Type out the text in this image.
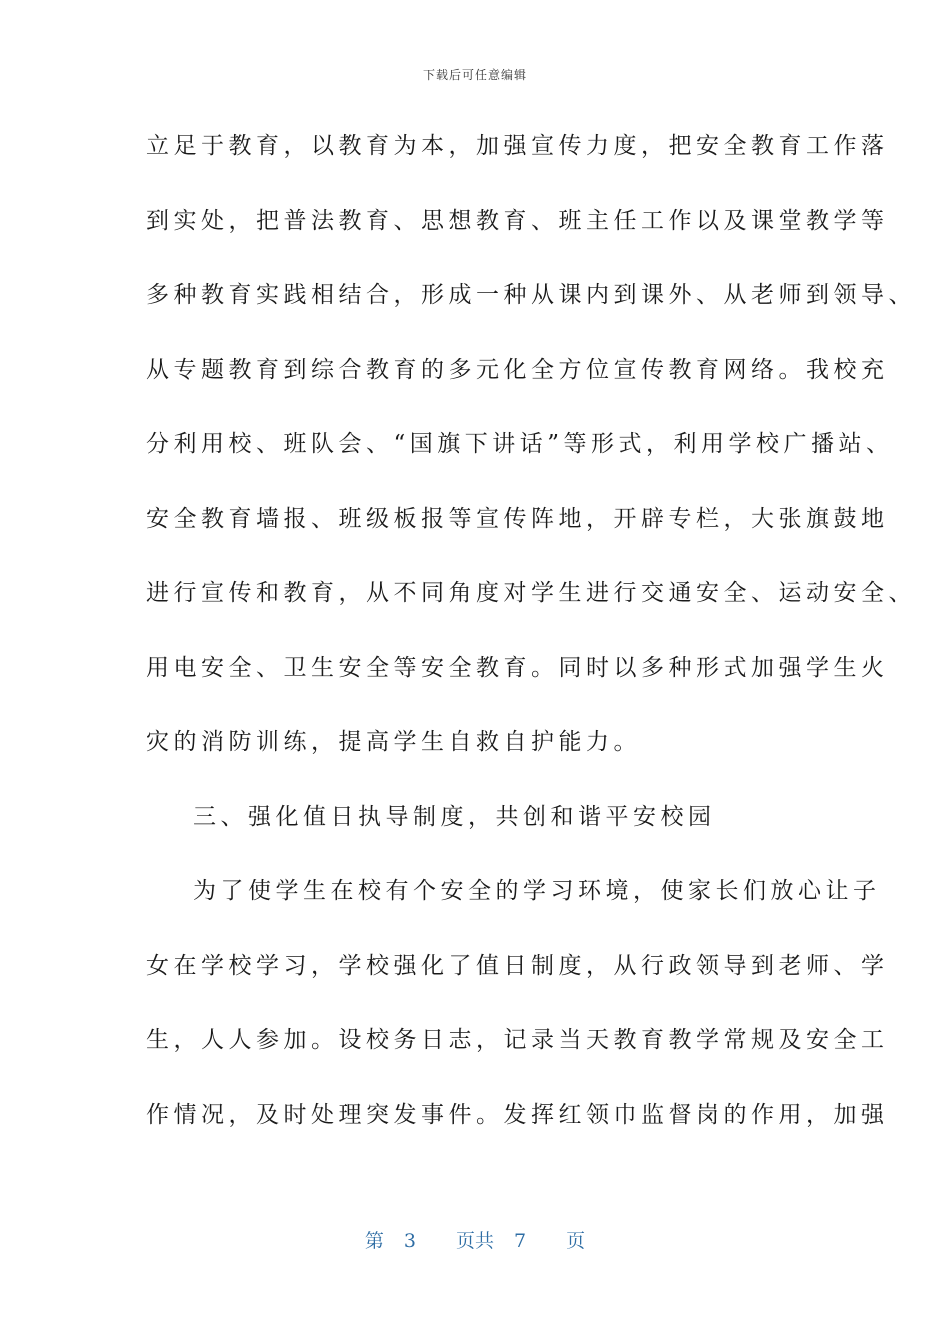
下载后可任意编辑
立足于教育，以教育为本，加强宣传力度，把安全教育工作落
到实处，把普法教育、思想教育、班主任工作以及课堂教学等
多种教育实践相结合，形成一种从课内到课外、从老师到领导、
从专题教育到综合教育的多元化全方位宣传教育网络。我校充
分利用校、班队会、“国旗下讲话”等形式，利用学校广播站、
安全教育墙报、班级板报等宣传阵地，开辟专栏，大张旗鼓地
进行宣传和教育，从不同角度对学生进行交通安全、运动安全、
用电安全、卫生安全等安全教育。同时以多种形式加强学生火
灾的消防训练，提高学生自救自护能力。
三、强化值日执导制度，共创和谐平安校园
为了使学生在校有个安全的学习环境，使家长们放心让子
女在学校学习，学校强化了值日制度，从行政领导到老师、学
生，人人参加。设校务日志，记录当天教育教学常规及安全工
作情况，及时处理突发事件。发挥红领巾监督岗的作用，加强
第 3 页共 7 页
